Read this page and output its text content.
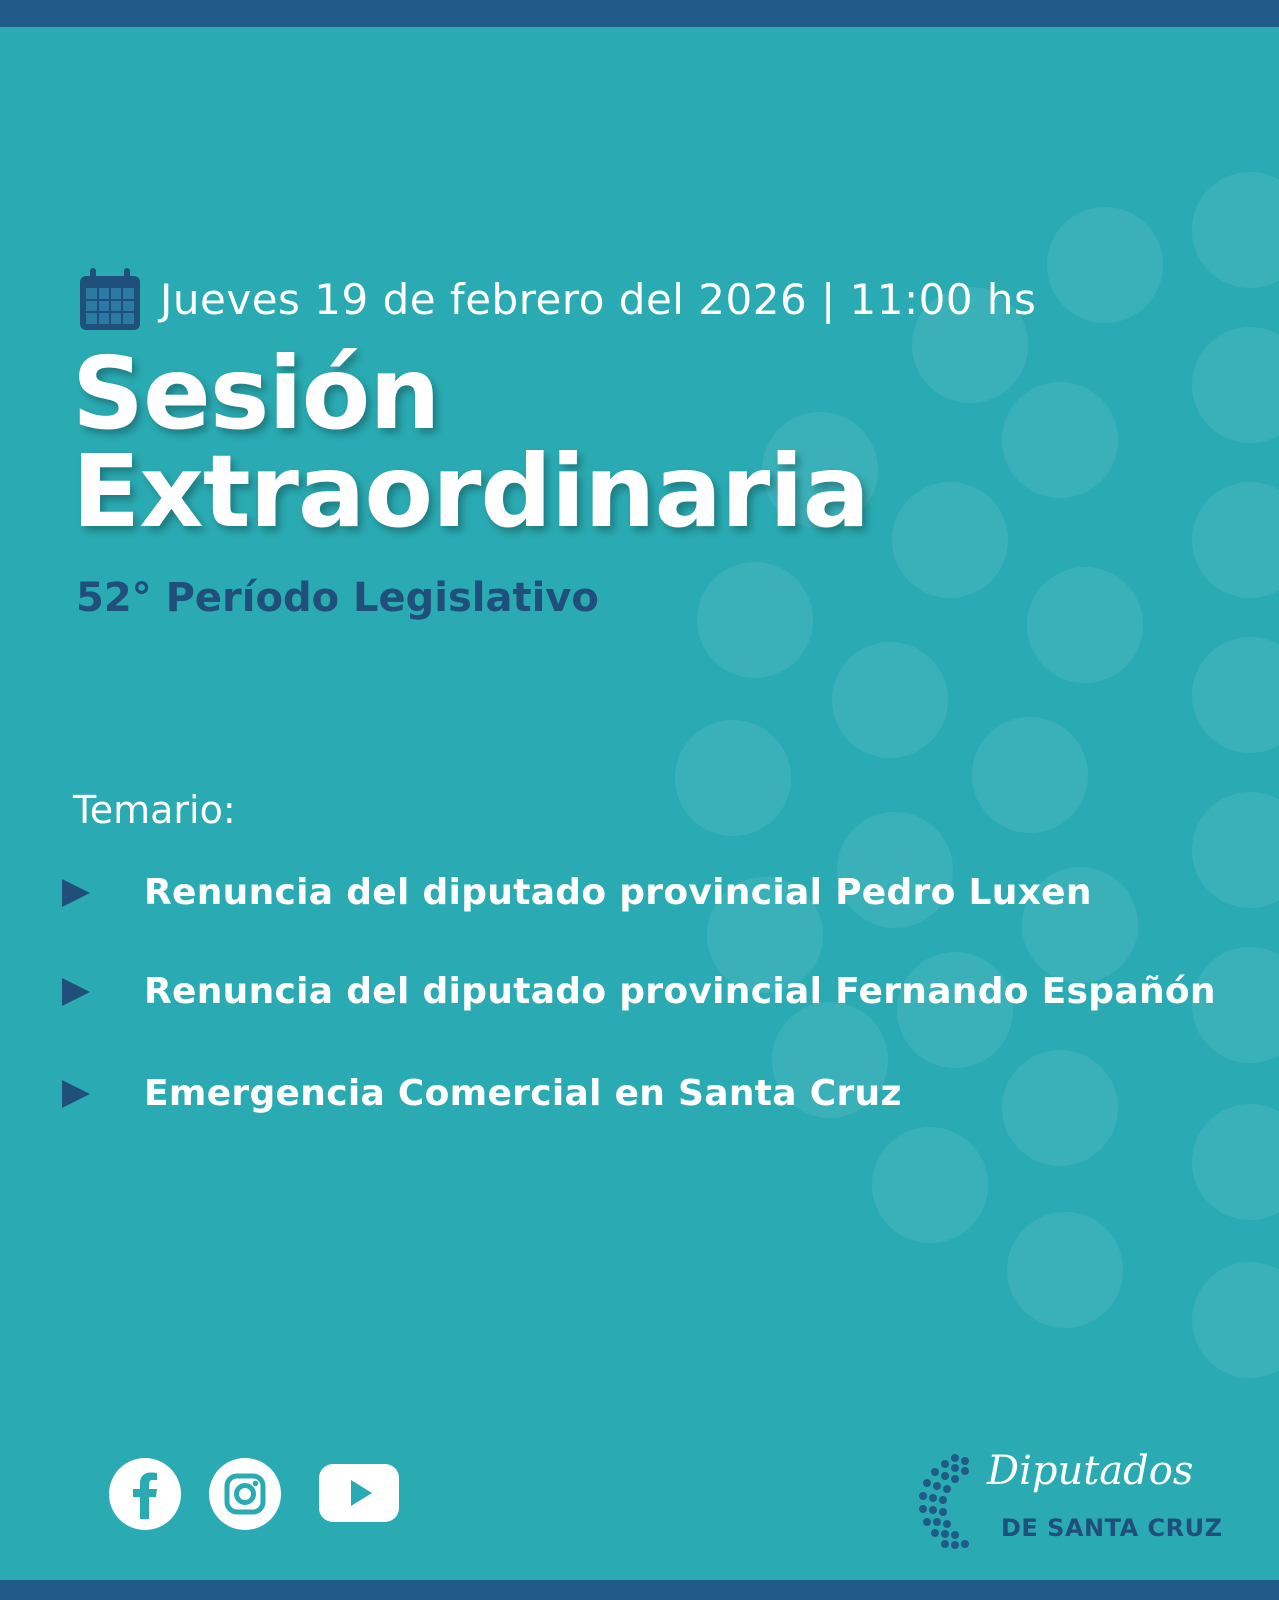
Jueves 19 de febrero del 2026 | 11:00 hs
Sesión
Extraordinaria
52° Período Legislativo
Temario:
Renuncia del diputado provincial Pedro Luxen
Renuncia del diputado provincial Fernando Españón
Emergencia Comercial en Santa Cruz
Diputados
DE SANTA CRUZ
